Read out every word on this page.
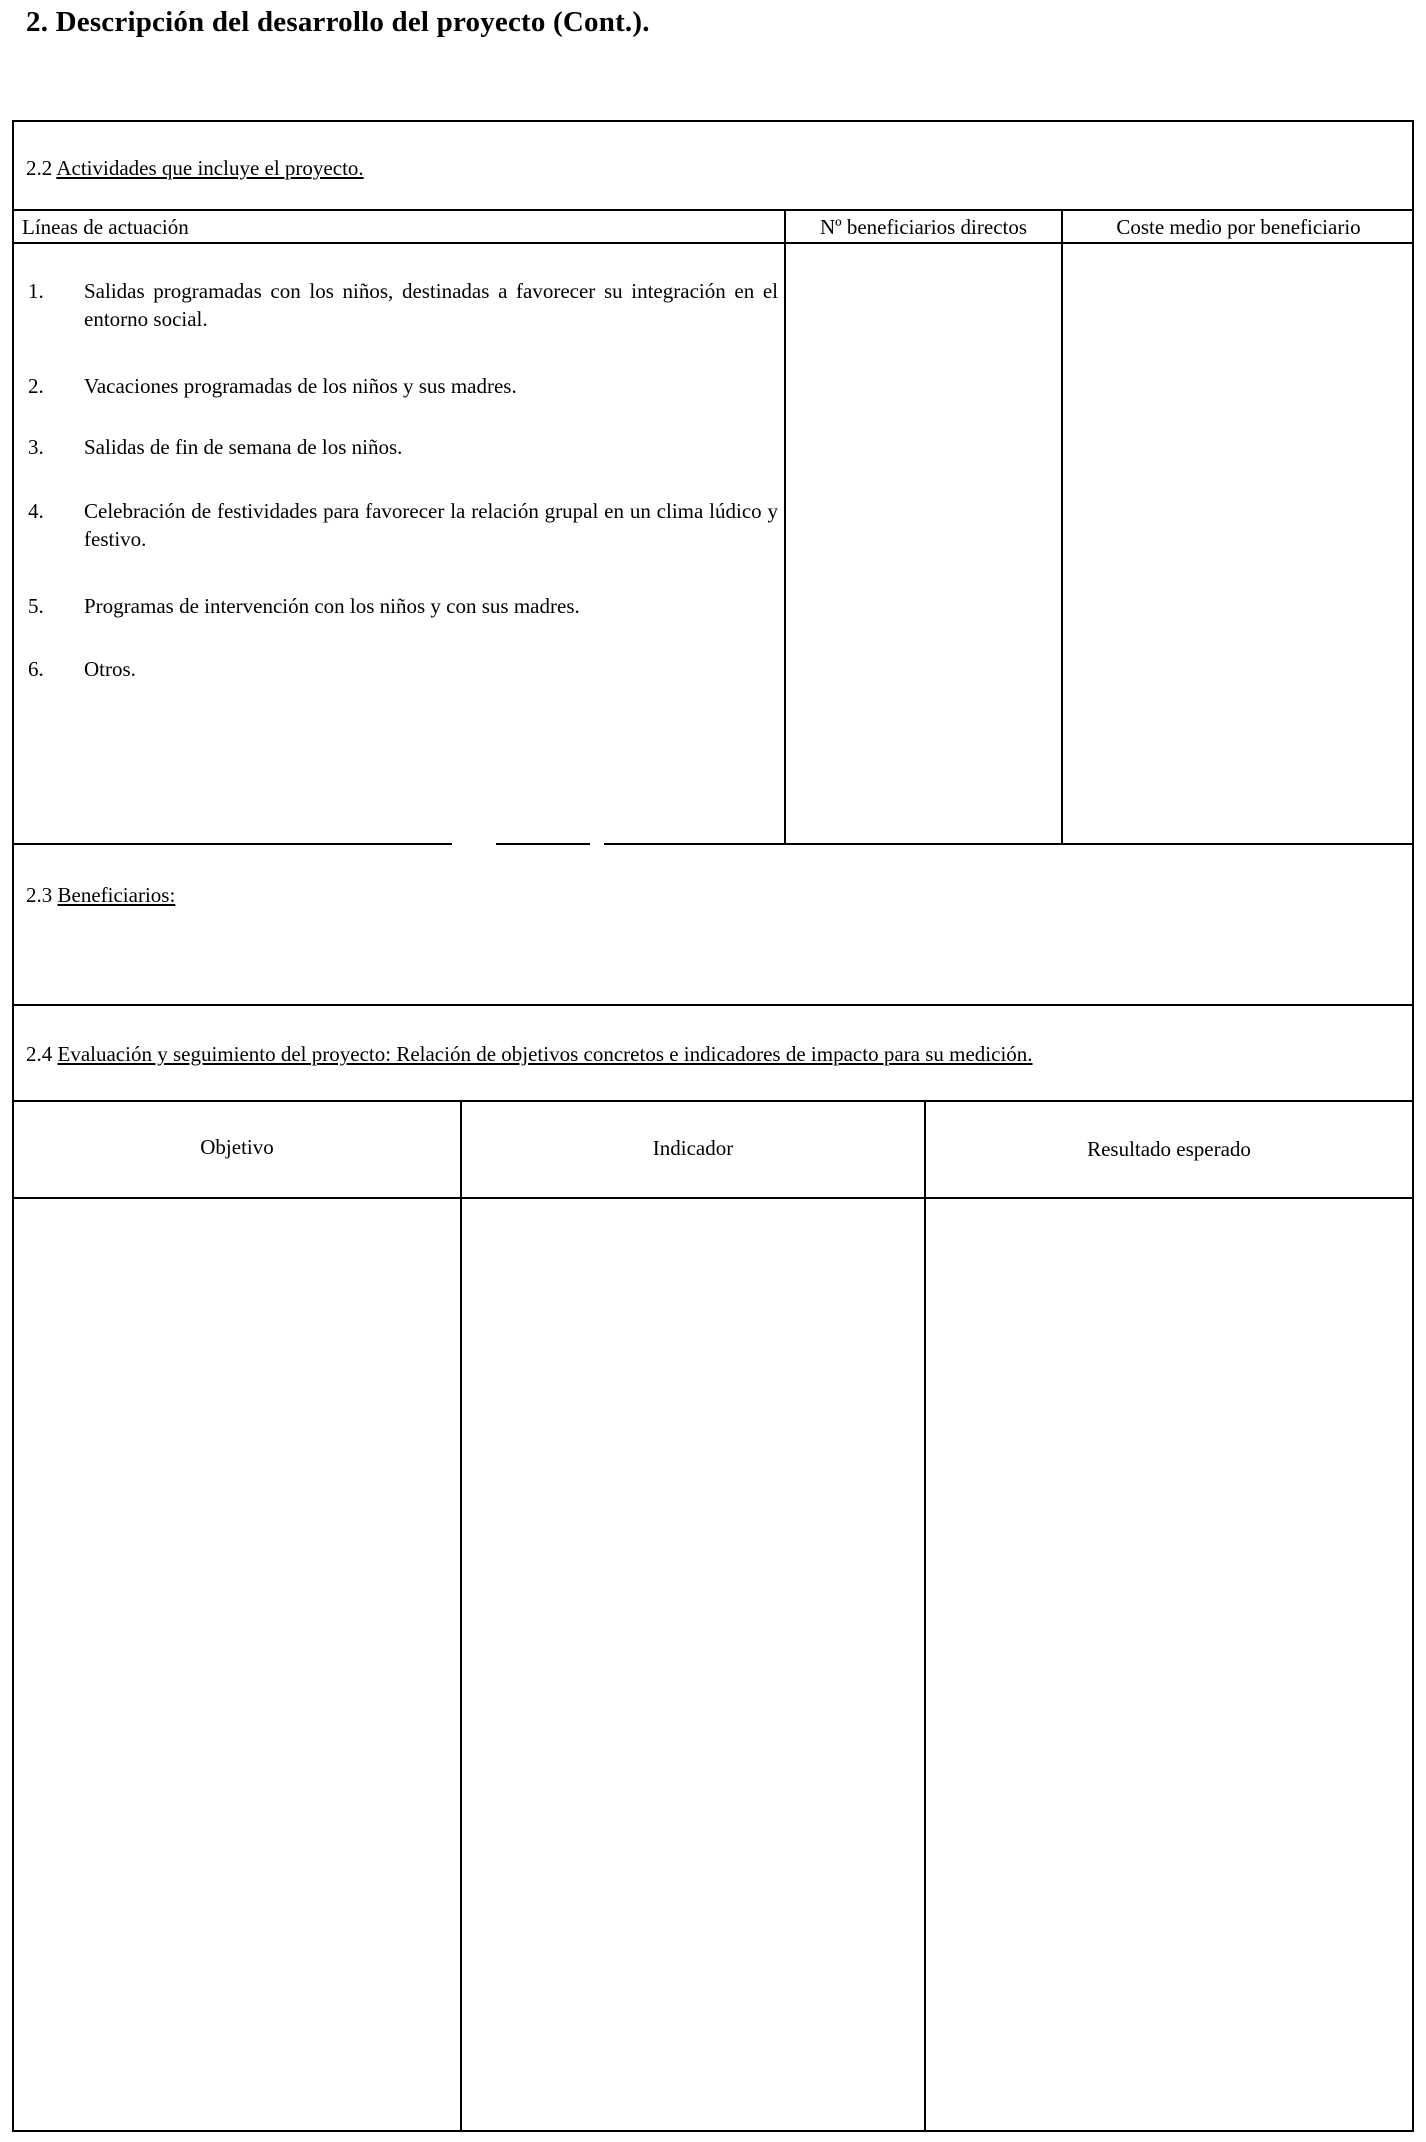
2. Descripción del desarrollo del proyecto (Cont.).
2.2 Actividades que incluye el proyecto.
Líneas de actuación	Nº beneficiarios directos	Coste medio por beneficiario
1. Salidas programadas con los niños, destinadas a favorecer su integración en el entorno social.
2. Vacaciones programadas de los niños y sus madres.
3. Salidas de fin de semana de los niños.
4. Celebración de festividades para favorecer la relación grupal en un clima lúdico y festivo.
5. Programas de intervención con los niños y con sus madres.
6. Otros.
2.3 Beneficiarios:
2.4 Evaluación y seguimiento del proyecto: Relación de objetivos concretos e indicadores de impacto para su medición.
Objetivo	Indicador	Resultado esperado
